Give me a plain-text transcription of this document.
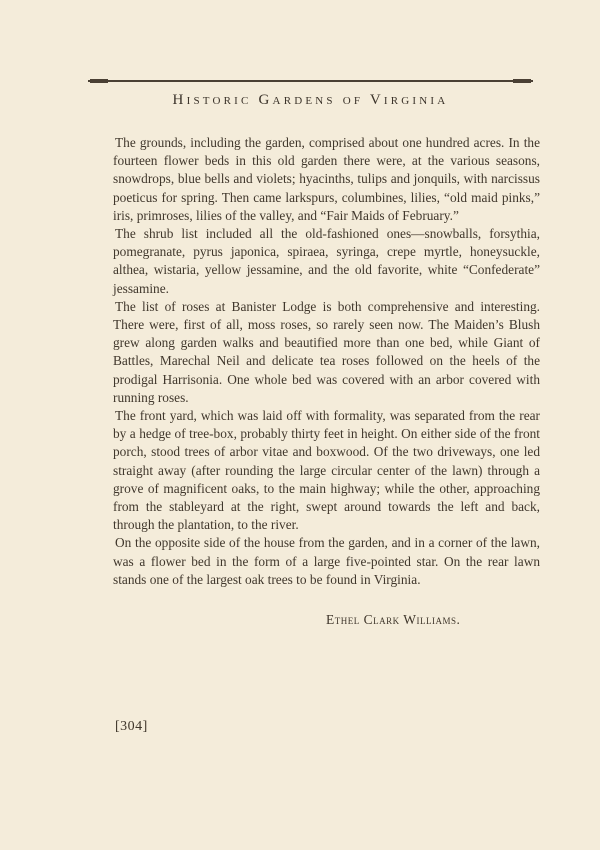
Historic Gardens of Virginia

The grounds, including the garden, comprised about one hundred acres. In the fourteen flower beds in this old garden there were, at the various seasons, snowdrops, blue bells and violets; hyacinths, tulips and jonquils, with narcissus poeticus for spring. Then came larkspurs, columbines, lilies, “old maid pinks,” iris, primroses, lilies of the valley, and “Fair Maids of February.”

The shrub list included all the old-fashioned ones—snowballs, forsythia, pomegranate, pyrus japonica, spiraea, syringa, crepe myrtle, honeysuckle, althea, wistaria, yellow jessamine, and the old favorite, white “Confederate” jessamine.

The list of roses at Banister Lodge is both comprehensive and interesting. There were, first of all, moss roses, so rarely seen now. The Maiden’s Blush grew along garden walks and beautified more than one bed, while Giant of Battles, Marechal Neil and delicate tea roses followed on the heels of the prodigal Harrisonia. One whole bed was covered with an arbor covered with running roses.

The front yard, which was laid off with formality, was separated from the rear by a hedge of tree-box, probably thirty feet in height. On either side of the front porch, stood trees of arbor vitae and boxwood. Of the two driveways, one led straight away (after rounding the large circular center of the lawn) through a grove of magnificent oaks, to the main highway; while the other, approaching from the stableyard at the right, swept around towards the left and back, through the plantation, to the river.

On the opposite side of the house from the garden, and in a corner of the lawn, was a flower bed in the form of a large five-pointed star. On the rear lawn stands one of the largest oak trees to be found in Virginia.

Ethel Clark Williams.
[304]
